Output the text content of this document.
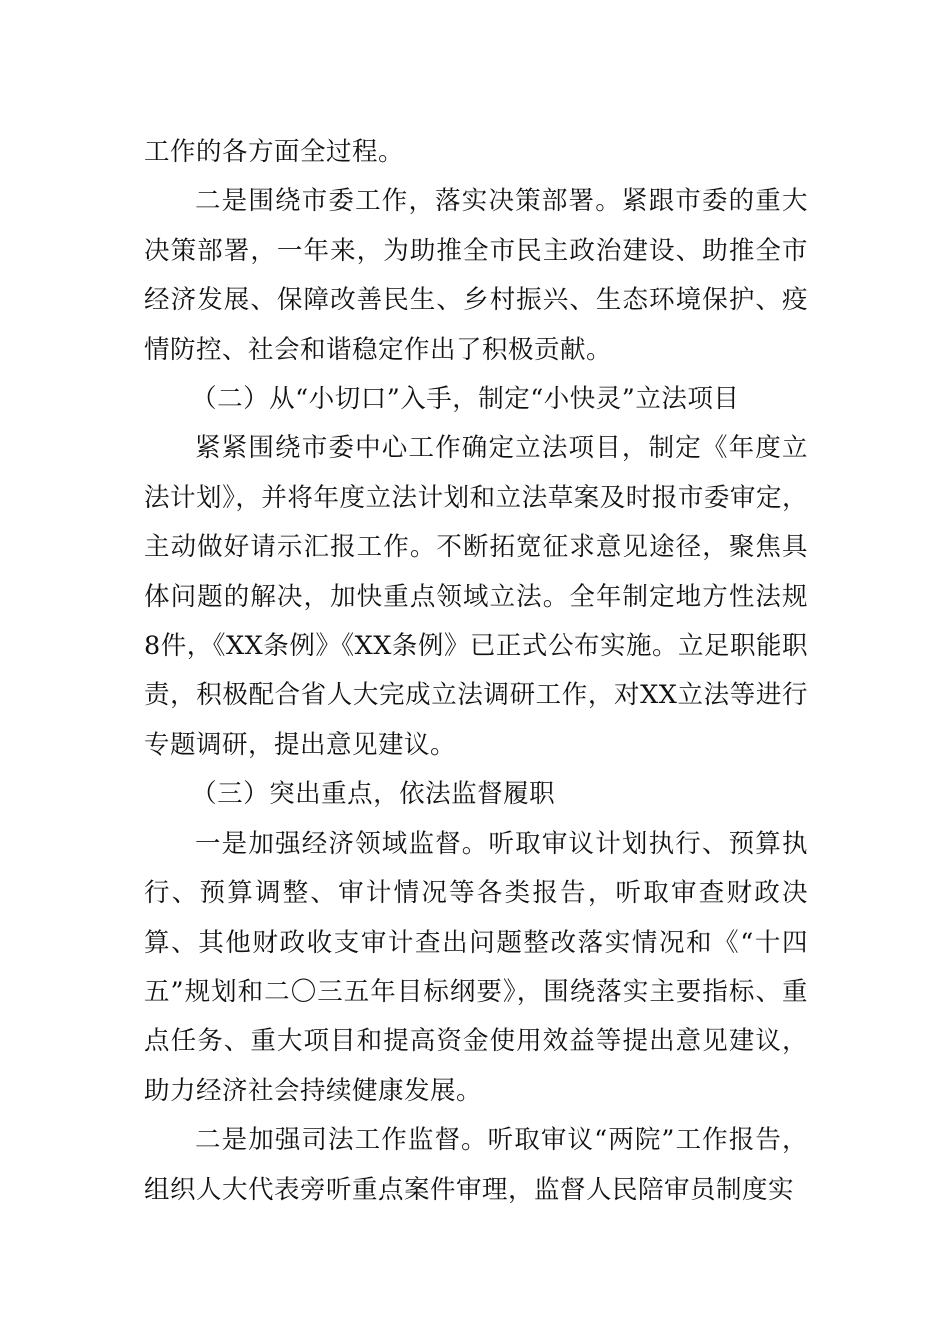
工作的各方面全过程。

二是围绕市委工作，落实决策部署。紧跟市委的重大决策部署，一年来，为助推全市民主政治建设、助推全市经济发展、保障改善民生、乡村振兴、生态环境保护、疫情防控、社会和谐稳定作出了积极贡献。

（二）从“小切口”入手，制定“小快灵”立法项目

紧紧围绕市委中心工作确定立法项目，制定《年度立法计划》，并将年度立法计划和立法草案及时报市委审定，主动做好请示汇报工作。不断拓宽征求意见途径，聚焦具体问题的解决，加快重点领域立法。全年制定地方性法规8件，《XX条例》《XX条例》已正式公布实施。立足职能职责，积极配合省人大完成立法调研工作，对XX立法等进行专题调研，提出意见建议。

（三）突出重点，依法监督履职

一是加强经济领域监督。听取审议计划执行、预算执行、预算调整、审计情况等各类报告，听取审查财政决算、其他财政收支审计查出问题整改落实情况和《“十四五”规划和二〇三五年目标纲要》，围绕落实主要指标、重点任务、重大项目和提高资金使用效益等提出意见建议，助力经济社会持续健康发展。

二是加强司法工作监督。听取审议“两院”工作报告，组织人大代表旁听重点案件审理，监督人民陪审员制度实
